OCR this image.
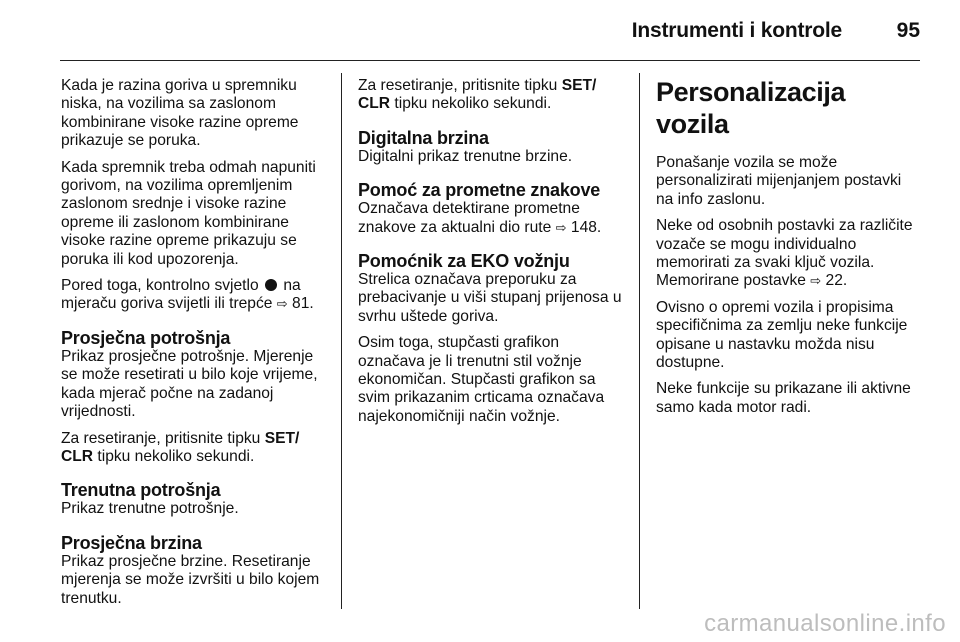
Instrumenti i kontrole	95

Kada je razina goriva u spremniku niska, na vozilima sa zaslonom kombinirane visoke razine opreme prikazuje se poruka.

Kada spremnik treba odmah napuniti gorivom, na vozilima opremljenim zaslonom srednje i visoke razine opreme ili zaslonom kombinirane visoke razine opreme prikazuju se poruka ili kod upozorenja.

Pored toga, kontrolno svjetlo na mjeraču goriva svijetli ili trepće ⇨ 81.

Prosječna potrošnja

Prikaz prosječne potrošnje. Mjerenje se može resetirati u bilo koje vrijeme, kada mjerač počne na zadanoj vrijednosti.

Za resetiranje, pritisnite tipku SET/ CLR tipku nekoliko sekundi.

Trenutna potrošnja

Prikaz trenutne potrošnje.

Prosječna brzina

Prikaz prosječne brzine. Resetiranje mjerenja se može izvršiti u bilo kojem trenutku.

Za resetiranje, pritisnite tipku SET/ CLR tipku nekoliko sekundi.

Digitalna brzina

Digitalni prikaz trenutne brzine.

Pomoć za prometne znakove

Označava detektirane prometne znakove za aktualni dio rute ⇨ 148.

Pomoćnik za EKO vožnju

Strelica označava preporuku za prebacivanje u viši stupanj prijenosa u svrhu uštede goriva.

Osim toga, stupčasti grafikon označava je li trenutni stil vožnje ekonomičan. Stupčasti grafikon sa svim prikazanim crticama označava najekonomičniji način vožnje.

Personalizacija vozila

Ponašanje vozila se može personalizirati mijenjanjem postavki na info zaslonu.

Neke od osobnih postavki za različite vozače se mogu individualno memorirati za svaki ključ vozila. Memorirane postavke ⇨ 22.

Ovisno o opremi vozila i propisima specifičnima za zemlju neke funkcije opisane u nastavku možda nisu dostupne.

Neke funkcije su prikazane ili aktivne samo kada motor radi.

carmanualsonline.info
